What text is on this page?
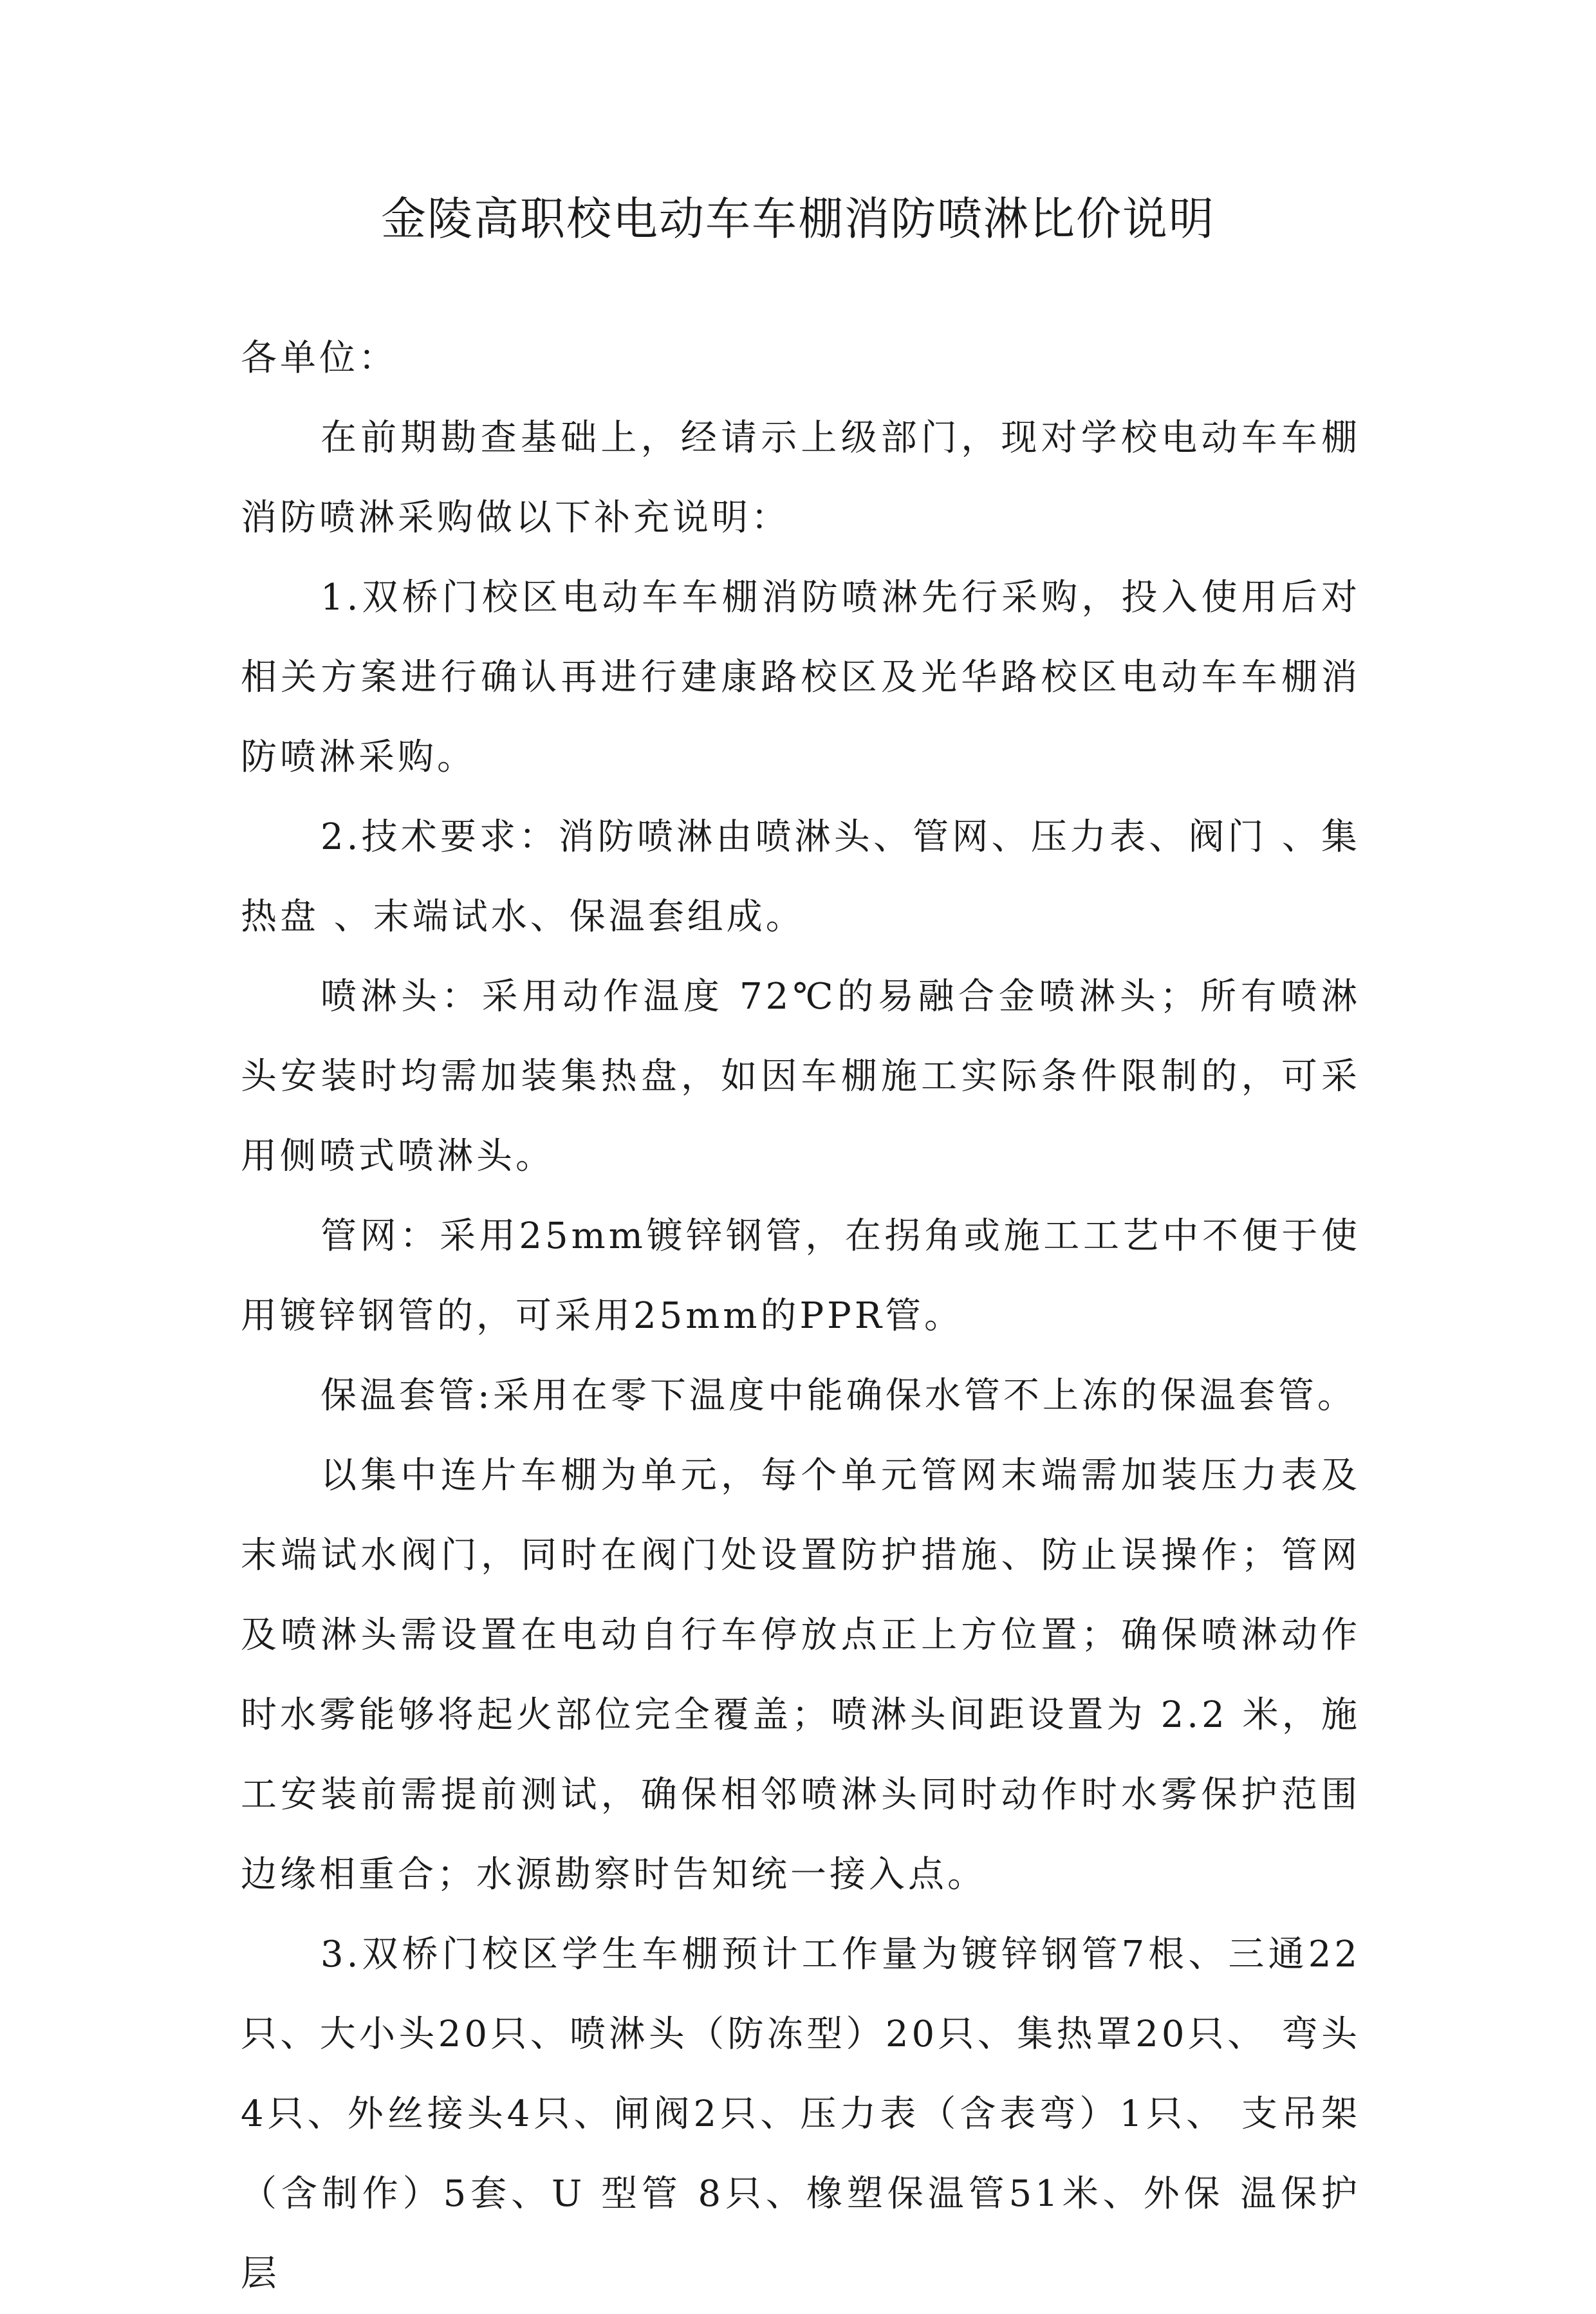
金陵高职校电动车车棚消防喷淋比价说明

各单位：

在前期勘查基础上，经请示上级部门，现对学校电动车车棚消防喷淋采购做以下补充说明：

1.双桥门校区电动车车棚消防喷淋先行采购，投入使用后对相关方案进行确认再进行建康路校区及光华路校区电动车车棚消防喷淋采购。

2.技术要求：消防喷淋由喷淋头、管网、压力表、阀门 、集热盘 、末端试水、保温套组成。

喷淋头：采用动作温度 72℃的易融合金喷淋头；所有喷淋头安装时均需加装集热盘，如因车棚施工实际条件限制的，可采用侧喷式喷淋头。

管网：采用25mm镀锌钢管，在拐角或施工工艺中不便于使用镀锌钢管的，可采用25mm的PPR管。

保温套管:采用在零下温度中能确保水管不上冻的保温套管。

以集中连片车棚为单元，每个单元管网末端需加装压力表及末端试水阀门，同时在阀门处设置防护措施、防止误操作；管网及喷淋头需设置在电动自行车停放点正上方位置；确保喷淋动作时水雾能够将起火部位完全覆盖；喷淋头间距设置为 2.2 米，施工安装前需提前测试，确保相邻喷淋头同时动作时水雾保护范围边缘相重合；水源勘察时告知统一接入点。

3.双桥门校区学生车棚预计工作量为镀锌钢管7根、三通22只、大小头20只、喷淋头（防冻型）20只、集热罩20只、 弯头4只、外丝接头4只、闸阀2只、压力表（含表弯）1只、 支吊架（含制作）5套、U 型管 8只、橡塑保温管51米、外保 温保护层
